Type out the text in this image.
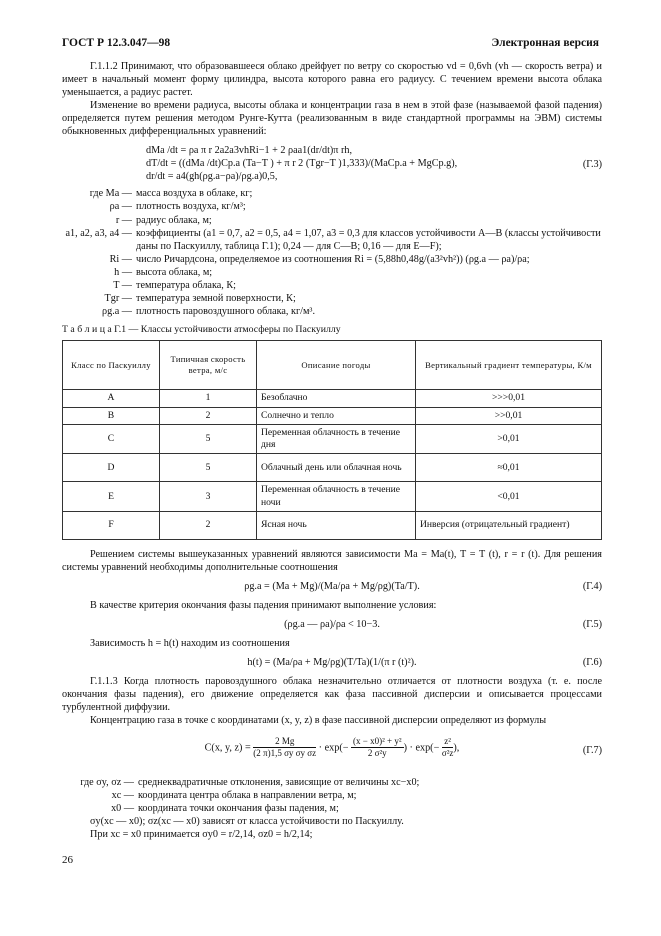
ГОСТ Р 12.3.047—98	Электронная версия

Г.1.1.2 Принимают, что образовавшееся облако дрейфует по ветру со скоростью vd = 0,6vh (vh — скорость ветра) и имеет в начальный момент форму цилиндра, высота которого равна его радиусу. С течением времени высота облака уменьшается, а радиус растет.

Изменение во времени радиуса, высоты облака и концентрации газа в нем в этой фазе (называемой фазой падения) определяется путем решения методом Рунге-Кутта (реализованным в виде стандартной программы на ЭВМ) системы обыкновенных дифференциальных уравнений:

dMa /dt = ρa π r 2a2a3vhRi−1 + 2 ρaa1(dr/dt)π rh,
dT/dt = ((dMa /dt)Cp.a (Ta−T ) + π r 2 (Tgr−T )1,333)/(MaCp.a + MgCp.g),
dr/dt = a4(gh(ρg.a−ρa)/ρg.a)0,5,
(Г.3)
где Ma — масса воздуха в облаке, кг;
ρa — плотность воздуха, кг/м³;
r — радиус облака, м;
a1, a2, a3, a4 — коэффициенты (a1 = 0,7, a2 = 0,5, a4 = 1,07, a3 = 0,3 для классов устойчивости А—В (классы устойчивости даны по Паскуиллу, таблица Г.1); 0,24 — для С—В; 0,16 — для Е—F);
Ri — число Ричардсона, определяемое из соотношения Ri = (5,88h0,48g/(a3²vh²)) (ρg.a — ρa)/ρa;
h — высота облака, м;
T — температура облака, К;
Tgr — температура земной поверхности, К;
ρg.a — плотность паровоздушного облака, кг/м³.
Т а б л и ц а Г.1 — Классы устойчивости атмосферы по Паскуиллу
Класс по Паскуиллу	Типичная скорость ветра, м/с	Описание погоды	Вертикальный градиент температуры, К/м
А	1	Безоблачно	>>>0,01
В	2	Солнечно и тепло	>>0,01
С	5	Переменная облачность в течение дня	>0,01
D	5	Облачный день или облачная ночь	≈0,01
Е	3	Переменная облачность в течение ночи	<0,01
F	2	Ясная ночь	Инверсия (отрицательный градиент)

Решением системы вышеуказанных уравнений являются зависимости Ma = Ma(t), T = T (t), r = r (t). Для решения системы уравнений необходимы дополнительные соотношения

ρg.a = (Ma + Mg)/(Ma/ρa + Mg/ρg)(Ta/T).	(Г.4)

В качестве критерия окончания фазы падения принимают выполнение условия:

(ρg.a — ρa)/ρa < 10−3.	(Г.5)

Зависимость h = h(t) находим из соотношения

h(t) = (Ma/ρa + Mg/ρg)(T/Ta)(1/(π r (t)²).	(Г.6)

Г.1.1.3 Когда плотность паровоздушного облака незначительно отличается от плотности воздуха (т. е. после окончания фазы падения), его движение определяется как фаза пассивной дисперсии и описывается процессами турбулентной диффузии.

Концентрацию газа в точке с координатами (x, y, z) в фазе пассивной дисперсии определяют из формулы

C(x, y, $z) = \frac{2 Mg}{\text{(2 π)1,5 σy σy σz}} \cdot \exp(- \frac{\text{(x − x0)² + y²}}{\text{2 σ²y}}$ ) · $\exp(- \frac{\text{z²}}{\text{σ²z}}$ ),	(Г.7)
где σy, σz — среднеквадратичные отклонения, зависящие от величины xc−x0;
xc — координата центра облака в направлении ветра, м;
x0 — координата точки окончания фазы падения, м;

σy(xc — x0); σz(xc — x0) зависят от класса устойчивости по Паскуиллу.

При xc = x0 принимается σy0 = r/2,14, σz0 = h/2,14;

26
